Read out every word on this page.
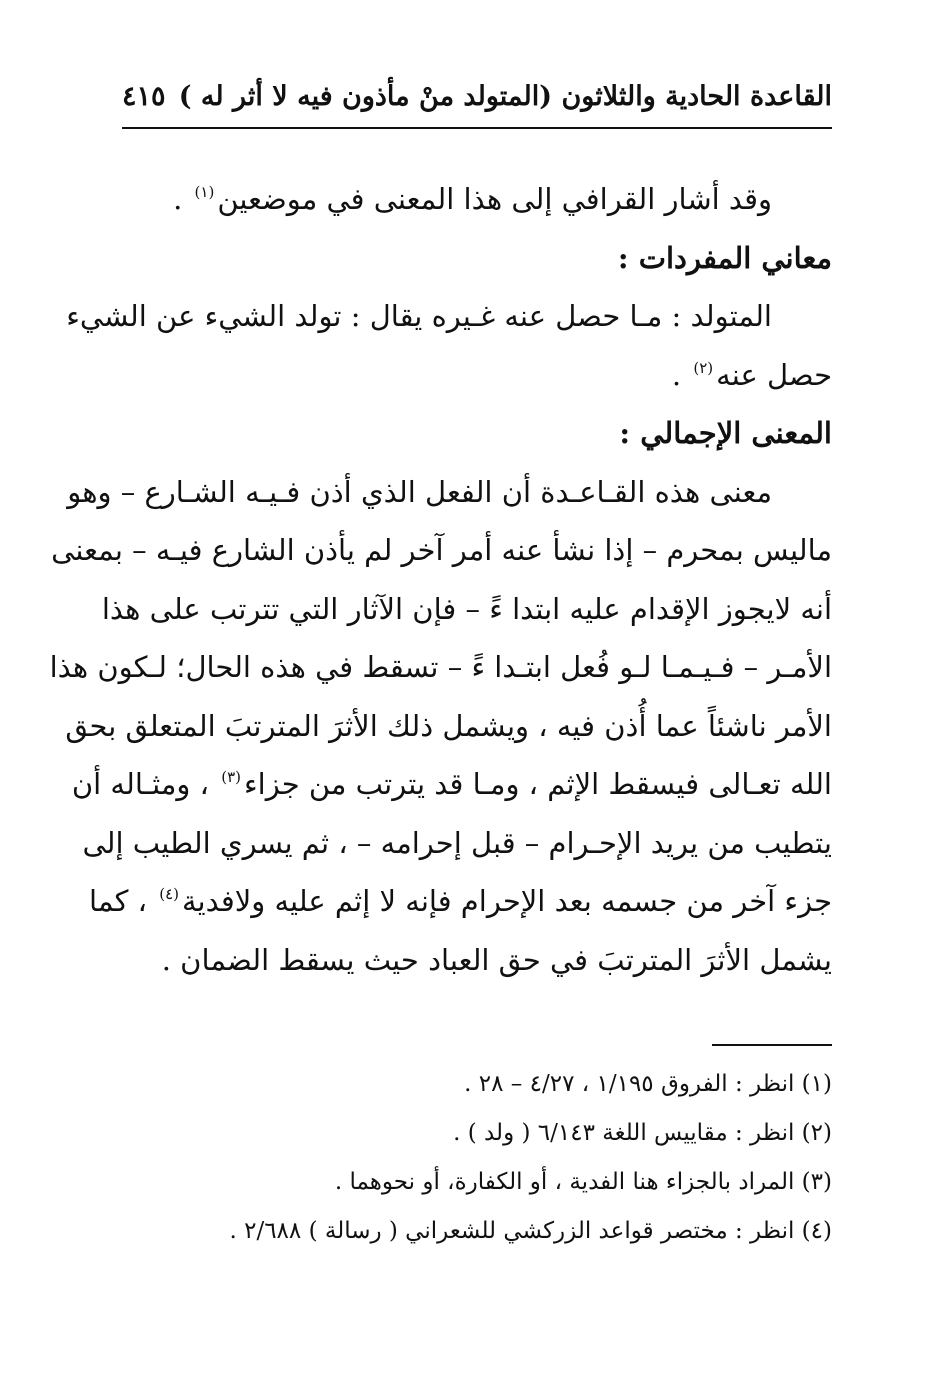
القاعدة الحادية والثلاثون (المتولد منْ مأذون فيه لا أثر له )
٤١٥
وقد أشار القرافي إلى هذا المعنى في موضعين$^{(١)}$ .
معاني المفردات :
المتولد : مـا حصل عنه غـيره يقال : تولد الشيء عن الشيء
حصل عنه$^{(٢)}$ .
المعنى الإجمالي :
معنى هذه القـاعـدة أن الفعل الذي أذن فـيـه الشـارع – وهو
ماليس بمحرم – إذا نشأ عنه أمر آخر لم يأذن الشارع فيـه – بمعنى
أنه لايجوز الإقدام عليه ابتدا ءً – فإن الآثار التي تترتب على هذا
الأمـر – فـيـمـا لـو فُعل ابتـدا ءً – تسقط في هذه الحال؛ لـكون هذا
الأمر ناشئاً عما أُذن فيه ، ويشمل ذلك الأثرَ المترتبَ المتعلق بحق
الله تعـالى فيسقط الإثم ، ومـا قد يترتب من جزاء$^{(٣)}$ ، ومثـاله أن
يتطيب من يريد الإحـرام – قبل إحرامه – ، ثم يسري الطيب إلى
جزء آخر من جسمه بعد الإحرام فإنه لا إثم عليه ولافدية$^{(٤)}$ ، كما
يشمل الأثرَ المترتبَ في حق العباد حيث يسقط الضمان .
(١) انظر : الفروق ١/١٩٥ ، ٤/٢٧ – ٢٨ .
(٢) انظر : مقاييس اللغة ٦/١٤٣ ( ولد ) .
(٣) المراد بالجزاء هنا الفدية ، أو الكفارة، أو نحوهما .
(٤) انظر : مختصر قواعد الزركشي للشعراني ( رسالة ) ٢/٦٨٨ .
